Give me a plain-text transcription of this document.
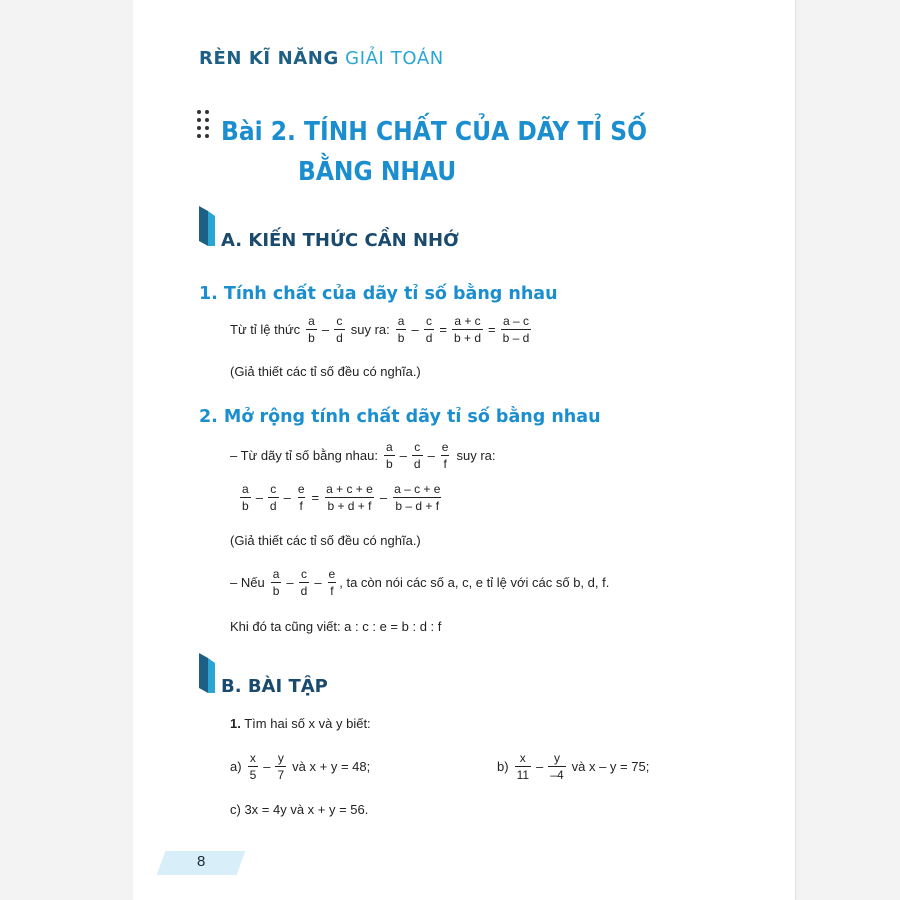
RÈN KĨ NĂNG GIẢI TOÁN
Bài 2. TÍNH CHẤT CỦA DÃY TỈ SỐ
BẰNG NHAU
A. KIẾN THỨC CẦN NHỚ
1. Tính chất của dãy tỉ số bằng nhau
Từ tỉ lệ thức $\frac{a}{b} - \frac{c}{d}$ suy ra: $\frac{a}{b} - \frac{c}{d} = \frac{a + c}{b + d} = \frac{a - c}{b - d}$
(Giả thiết các tỉ số đều có nghĩa.)
2. Mở rộng tính chất dãy tỉ số bằng nhau
– Từ dãy tỉ số bằng nhau: $\frac{a}{b} - \frac{c}{d} - \frac{e}{f}$ suy ra:
$\frac{a}{b} - \frac{c}{d} - \frac{e}{f} = \frac{a + c + e}{b + d + f} - \frac{a - c + e}{b - d + f}$
(Giả thiết các tỉ số đều có nghĩa.)
– Nếu $\frac{a}{b} - \frac{c}{d} - \frac{e}{f}$ , ta còn nói các số a, c, e tỉ lệ với các số b, d, f.
Khi đó ta cũng viết: a : c : e = b : d : f
B. BÀI TẬP
1. Tìm hai số x và y biết:
$a) \frac{x}{5} - \frac{y}{7}$ và x + y = 48;	$b) \frac{x}{11} - \frac{y}{-4}$ và x – y = 75;
c) 3x = 4y và x + y = 56.
8
